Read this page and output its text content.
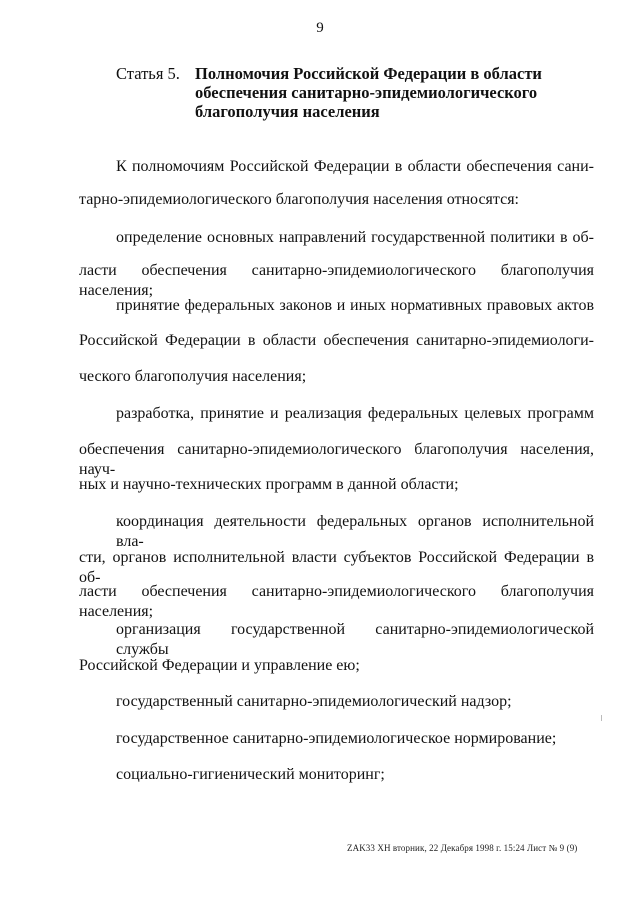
9
Статья 5. Полномочия Российской Федерации в области
обеспечения санитарно-эпидемиологического
благополучия населения
К полномочиям Российской Федерации в области обеспечения сани-
тарно-эпидемиологического благополучия населения относятся:
определение основных направлений государственной политики в об-
ласти обеспечения санитарно-эпидемиологического благополучия населения;
принятие федеральных законов и иных нормативных правовых актов
Российской Федерации в области обеспечения санитарно-эпидемиологи-
ческого благополучия населения;
разработка, принятие и реализация федеральных целевых программ
обеспечения санитарно-эпидемиологического благополучия населения, науч-
ных и научно-технических программ в данной области;
координация деятельности федеральных органов исполнительной вла-
сти, органов исполнительной власти субъектов Российской Федерации в об-
ласти обеспечения санитарно-эпидемиологического благополучия населения;
организация государственной санитарно-эпидемиологической службы
Российской Федерации и управление ею;
государственный санитарно-эпидемиологический надзор;
государственное санитарно-эпидемиологическое нормирование;
социально-гигиенический мониторинг;
ZAK33 XH вторник, 22 Декабря 1998 г. 15:24 Лист № 9 (9)
